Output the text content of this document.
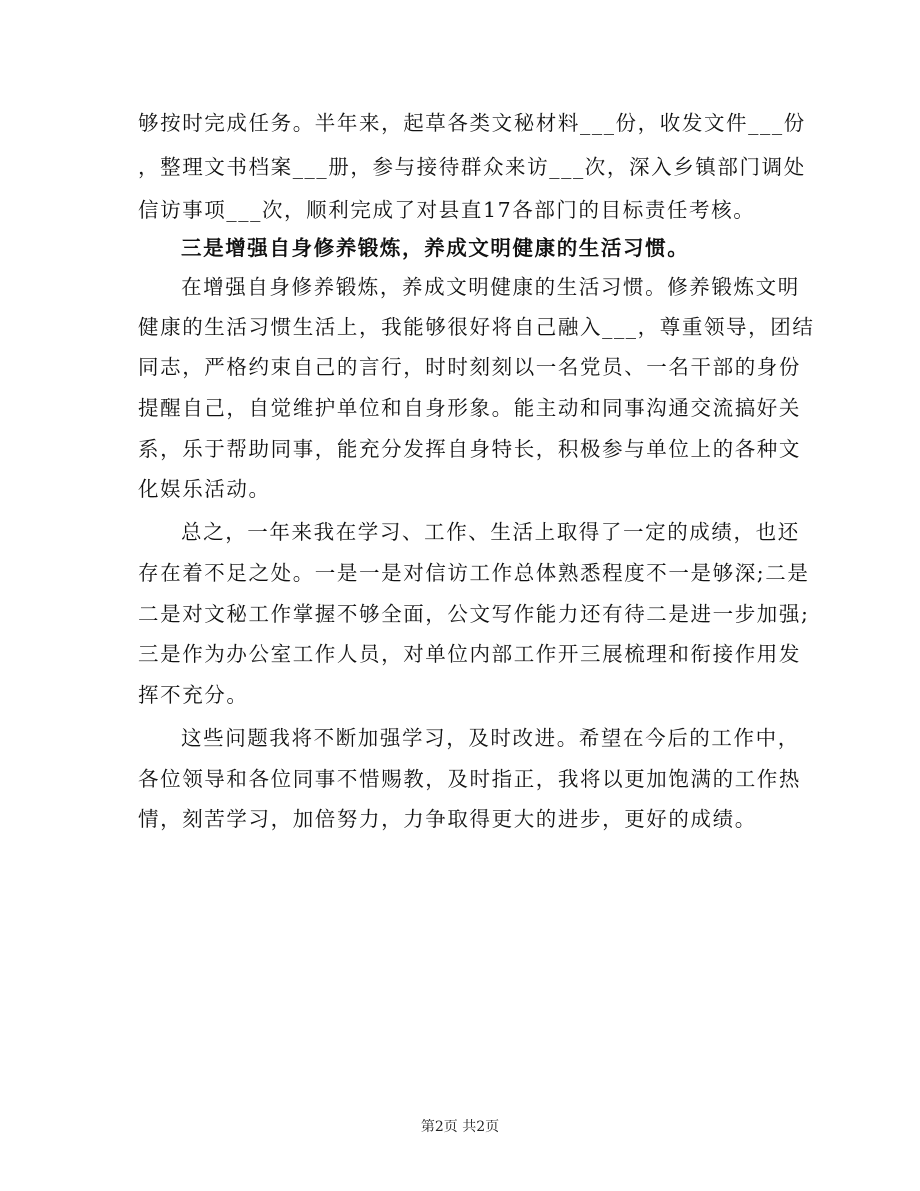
够按时完成任务。半年来，起草各类文秘材料___份，收发文件___份
，整理文书档案___册，参与接待群众来访___次，深入乡镇部门调处
信访事项___次，顺利完成了对县直17各部门的目标责任考核。
三是增强自身修养锻炼，养成文明健康的生活习惯。
在增强自身修养锻炼，养成文明健康的生活习惯。修养锻炼文明
健康的生活习惯生活上，我能够很好将自己融入___，尊重领导，团结
同志，严格约束自己的言行，时时刻刻以一名党员、一名干部的身份
提醒自己，自觉维护单位和自身形象。能主动和同事沟通交流搞好关
系，乐于帮助同事，能充分发挥自身特长，积极参与单位上的各种文
化娱乐活动。
总之，一年来我在学习、工作、生活上取得了一定的成绩，也还
存在着不足之处。一是一是对信访工作总体熟悉程度不一是够深;二是
二是对文秘工作掌握不够全面，公文写作能力还有待二是进一步加强;
三是作为办公室工作人员，对单位内部工作开三展梳理和衔接作用发
挥不充分。
这些问题我将不断加强学习，及时改进。希望在今后的工作中，
各位领导和各位同事不惜赐教，及时指正，我将以更加饱满的工作热
情，刻苦学习，加倍努力，力争取得更大的进步，更好的成绩。
第2页 共2页
